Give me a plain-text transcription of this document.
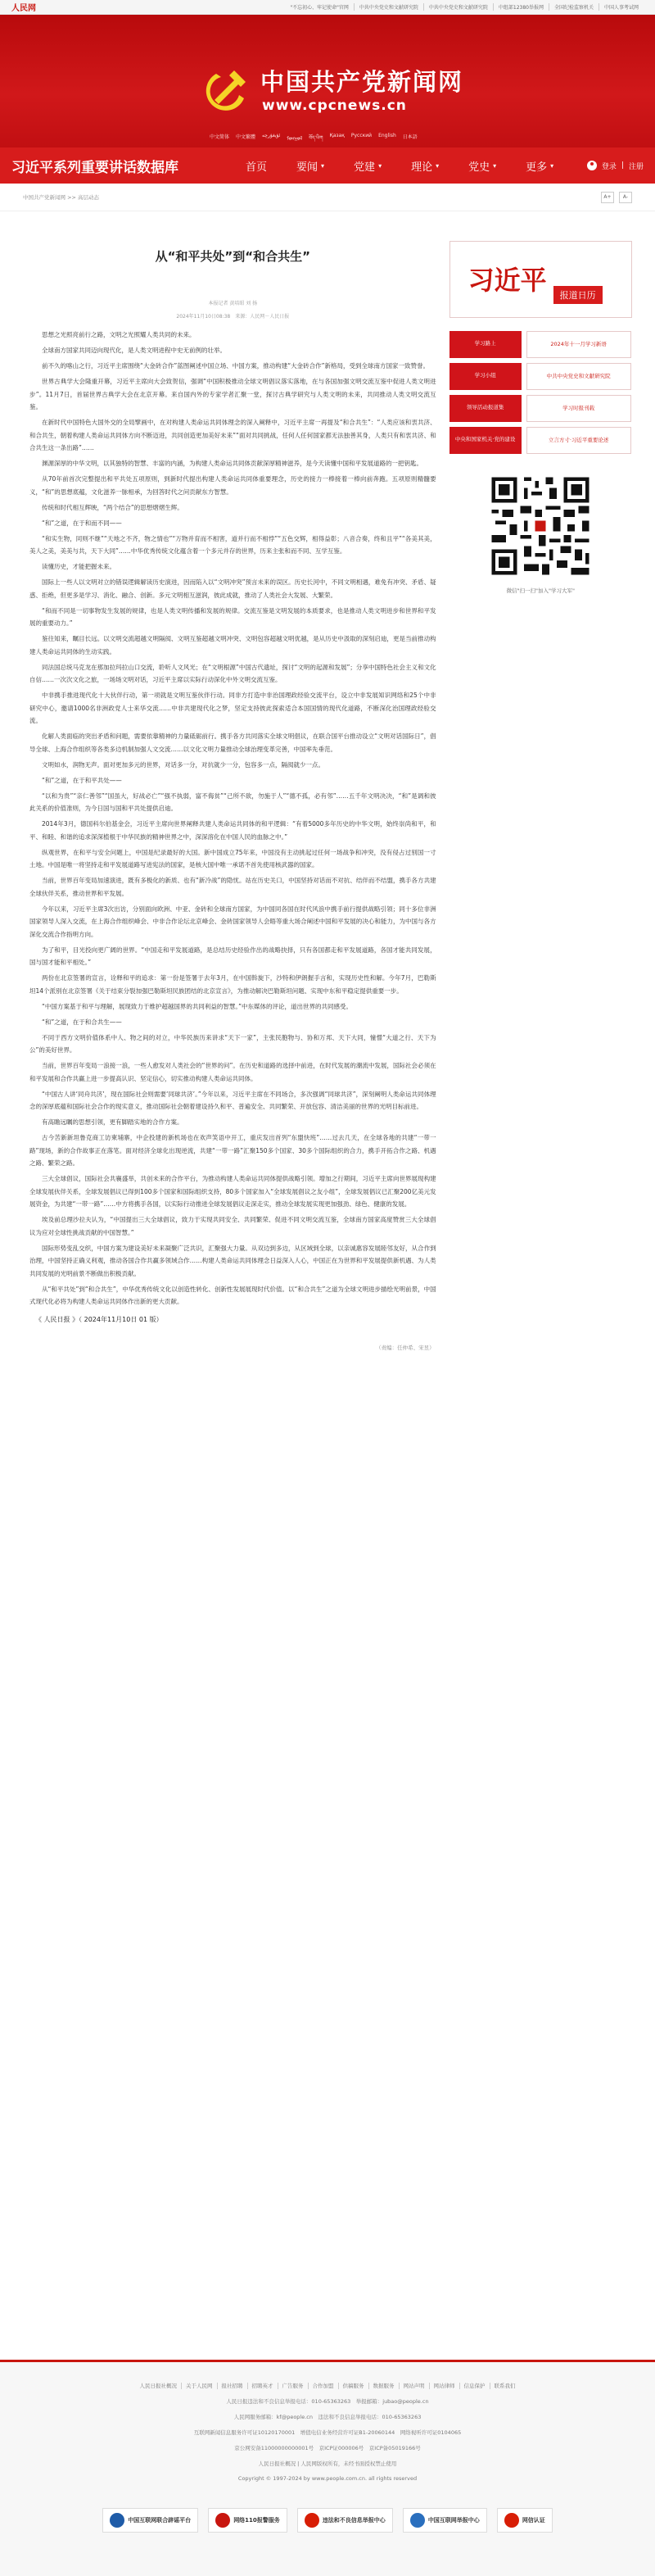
人民网	"不忘初心、牢记使命"官网	中共中央党史和文献研究院	中共中央党史和文献研究院	中组部12380举报网	全国纪检监察机关	中国人事考试网
中国共产党新闻网
www.cpcnews.cn
中文简体 中文繁體 ئۇيغۇرچە
ᠮᠣᠩᠭᠣᠯ བོད་ཡིག Қазақ Русский English 日本語
习近平系列重要讲话数据库	首页	要闻 ▾	党建 ▾	理论 ▾	党史 ▾	更多 ▾	登录 | 注册
中国共产党新闻网 >> 高层动态	A+	A-
从“和平共处”到“和合共生”
本报记者 黄培昭 刘 扬
2024年11月10日08:38　来源：人民网－人民日报

思想之光照亮前行之路，文明之光照耀人类共同的未来。

全球南方国家共同迈向现代化，是人类文明进程中史无前例的壮举。

前不久的喀山之行，习近平主席围绕“大金砖合作”蓝图阐述中国立场、中国方案，推动构建“大金砖合作”新格局，受到全球南方国家一致赞誉。

世界古典学大会隆重开幕，习近平主席向大会致贺信，强调“中国积极推动全球文明倡议落实落地，在与各国加强文明交流互鉴中促进人类文明进步”。11月7日，首届世界古典学大会在北京开幕。来自国内外的专家学者汇聚一堂，探讨古典学研究与人类文明的未来，共同推动人类文明交流互鉴。

在新时代中国特色大国外交的全局擘画中，在对构建人类命运共同体理念的深入阐释中，习近平主席一再提及“和合共生”：“人类应该和衷共济、和合共生，朝着构建人类命运共同体方向不断迈进，共同创造更加美好未来”“面对共同挑战，任何人任何国家都无法独善其身，人类只有和衷共济、和合共生这一条出路”……

渊源深厚的中华文明，以其独特的智慧、丰富的内涵，为构建人类命运共同体贡献深厚精神滋养，是今天读懂中国和平发展道路的一把钥匙。

从70年前首次完整提出和平共处五项原则，到新时代提出构建人类命运共同体重要理念，历史的接力一棒接着一棒向前奔跑。五项原则精髓要义，“和”的思想底蕴，文化滋养一脉相承，为回答时代之问贡献东方智慧。

传统和时代相互辉映，“两个结合”的思想熠熠生辉。

“和”之道，在于和而不同——

“和实生物，同则不继”“天地之不齐，物之情也”“万物并育而不相害，道并行而不相悖”“五色交辉，相得益彰；八音合奏，终和且平”“各美其美，美人之美，美美与共，天下大同”……中华优秀传统文化蕴含着一个多元并存的世界，历来主张和而不同、互学互鉴。

读懂历史，才能把握未来。

国际上一些人以文明对立的错误逻辑解读历史演进，因而陷入以“文明冲突”预言未来的误区。历史长河中，不同文明相遇，难免有冲突、矛盾、疑惑、拒绝，但更多是学习、消化、融合、创新。多元文明相互滋润，彼此成就，推动了人类社会大发展、大繁荣。

“和而不同是一切事物发生发展的规律，也是人类文明传播和发展的规律。交流互鉴是文明发展的本质要求，也是推动人类文明进步和世界和平发展的重要动力。”

鉴往知来，瞩目长远。以文明交流超越文明隔阂、文明互鉴超越文明冲突、文明包容超越文明优越，是从历史中汲取的深刻启迪，更是当前推动构建人类命运共同体的生动实践。

同法国总统马克龙在那加拉玛拉山口交流，聆听人文风光；在“文明根源”中国古代遗址，探讨“文明的起源和发展”；分享中国特色社会主义和文化自信……一次次文化之旅，一场场文明对话，习近平主席以实际行动深化中外文明交流互鉴。

中非携手推进现代化十大伙伴行动，第一项就是文明互鉴伙伴行动。同非方打造中非治国理政经验交流平台，设立中非发展知识网络和25个中非研究中心，邀请1000名非洲政党人士来华交流……中非共建现代化之梦，坚定支持彼此探索适合本国国情的现代化道路，不断深化治国理政经验交流。

化解人类面临的突出矛盾和问题，需要依靠精神的力量砥砺前行。携手各方共同落实全球文明倡议，在联合国平台推动设立“文明对话国际日”，倡导全球、上海合作组织等各类多边机制加强人文交流……以文化文明力量推动全球治理变革完善，中国率先垂范。

文明如水，润物无声。面对更加多元的世界，对话多一分，对抗就少一分，包容多一点，隔阂就少一点。

“和”之道，在于和平共处——

“以和为贵”“亲仁善邻”“国虽大，好战必亡”“强不执弱，富不侮贫”“己所不欲，勿施于人”“德不孤，必有邻”……五千年文明决决，“和”是调和彼此关系的价值准则，为今日国与国和平共处提供启迪。

2014年3月，德国科尔伯基金会，习近平主席向世界阐释共建人类命运共同体的和平逻辑：“有着5000多年历史的中华文明，始终崇尚和平，和平、和睦、和谐的追求深深植根于中华民族的精神世界之中，深深溶化在中国人民的血脉之中。”

纵观世界，在和平与安全问题上，中国是纪录最好的大国。新中国成立75年来，中国没有主动挑起过任何一场战争和冲突，没有侵占过别国一寸土地。中国是唯一将坚持走和平发展道路写进宪法的国家，是核大国中唯一承诺不首先使用核武器的国家。

当前，世界百年变局加速演进，既有多极化的新质、也有“新冷战”的隐忧。站在历史关口，中国坚持对话而不对抗、结伴而不结盟，携手各方共建全球伙伴关系，推动世界和平发展。

今年以来，习近平主席3次出访，分别面向欧洲、中亚、金砖和全球南方国家，为中国同各国在时代风浪中携手前行提供战略引领；同十多位非洲国家领导人深入交流，在上海合作组织峰会、中非合作论坛北京峰会、金砖国家领导人会晤等重大场合阐述中国和平发展的决心和能力，为中国与各方深化交流合作指明方向。

为了和平，目光投向更广阔的世界。“中国走和平发展道路，是总结历史经验作出的战略抉择，只有各国都走和平发展道路，各国才能共同发展，国与国才能和平相处。”

两份在北京签署的宣言，诠释和平的追求：第一份是签署于去年3月，在中国斡旋下，沙特和伊朗握手言和，实现历史性和解。今年7月，巴勒斯坦14个派别在北京签署《关于结束分裂加强巴勒斯坦民族团结的北京宣言》，为推动解决巴勒斯坦问题、实现中东和平稳定提供重要一步。

“中国方案基于和平与理解，展现致力于维护超越国界的共同利益的智慧。”中东媒体的评论，道出世界的共同感受。

“和”之道，在于和合共生——

不同于西方文明价值体系中人、物之间的对立，中华民族历来讲求“天下一家”，主张民胞物与、协和万邦、天下大同，憧憬“大道之行、天下为公”的美好世界。

当前，世界百年变局一浪接一浪，一些人愈发对人类社会的“世界的问”。在历史和道路的选择中前进，在时代发展的潮流中发展，国际社会必须在和平发展和合作共赢上进一步提高认识、坚定信心，切实推动构建人类命运共同体。

“中国古人讲‘同舟共济’，现在国际社会则需要‘同球共济’。”今年以来，习近平主席在不同场合，多次强调“同球共济”，深刻阐明人类命运共同体理念的深厚底蕴和国际社会合作的现实意义，推动国际社会朝着建设持久和平、普遍安全、共同繁荣、开放包容、清洁美丽的世界的光明目标前进。

有高瞻远瞩的思想引领，更有脚踏实地的合作方案。

古今苦新新坦鲁克商工访柬埔寨，中企投建的新机场也在欢声笑语中开工，重庆发出首列“东盟快班”……过去几天，在全球各地的共建“一带一路”现场，新的合作故事正在落笔。面对经济全球化出现逆流，共建“一带一路”汇聚150多个国家、30多个国际组织的合力，携手开拓合作之路、机遇之路、繁荣之路。

三大全球倡议，国际社会共襄盛举，共创未来的合作平台，为推动构建人类命运共同体提供战略引领。增加之行期间，习近平主席向世界展现构建全球发展伙伴关系，全球发展倡议已得到100多个国家和国际组织支持，80多个国家加入“全球发展倡议之友小组”，全球发展倡议已汇聚200亿美元发展资金，为共建“一带一路”……中方将携手各国，以实际行动推进全球发展倡议走深走实，推动全球发展实现更加强劲、绿色、健康的发展。

埃及前总理沙拉夫认为，“中国提出三大全球倡议，致力于实现共同安全、共同繁荣、促进不同文明交流互鉴，全球南方国家高度赞赏三大全球倡议为应对全球性挑战贡献的中国智慧。”

国际形势变乱交织，中国方案为建设美好未来凝聚广泛共识，汇聚强大力量。从双边到多边，从区域到全球，以亲诚惠容发展睦邻友好，从合作到治理，中国坚持正确义利观，推动各国合作共赢多领域合作……构建人类命运共同体理念日益深入人心，中国正在为世界和平发展提供新机遇、为人类共同发展的光明前景不断做出积极贡献。

从“和平共处”到“和合共生”，中华优秀传统文化以创造性转化、创新性发展展现时代价值。以“和合共生”之道为全球文明进步描绘光明前景，中国式现代化必将为构建人类命运共同体作出新的更大贡献。

《 人民日报 》（ 2024年11月10日 01 版）
（责编：任仲希、宋昱）
习近平	报道日历
学习路上	2024年十一月学习新语
学习小组	中共中央党史和文献研究院
领导活动报道集	学习时报刊载
中央和国家机关·党的建设	立言方寸·习近平重要论述
微信"扫一扫"加入"学习大军"
人民日报社概况 关于人民网 报社招聘 招聘英才 广告服务 合作加盟 供稿服务 数据服务 网站声明 网站律师 信息保护 联系我们
人民日报违法和不良信息举报电话：010-65363263　举报邮箱：jubao@people.cn
人民网服务邮箱：kf@people.cn　违法和不良信息举报电话：010-65363263
互联网新闻信息服务许可证10120170001　增值电信业务经营许可证B1-20060144　网络视听许可证0104065
京公网安备11000000000001号　京ICP证000006号　京ICP备05019166号
人民日报社概况 | 人民网版权所有，未经书面授权禁止使用
Copyright © 1997-2024 by www.people.com.cn. all rights reserved
中国互联网联合辟谣平台	网络110报警服务	违法和不良信息举报中心	中国互联网举报中心	网信认证
